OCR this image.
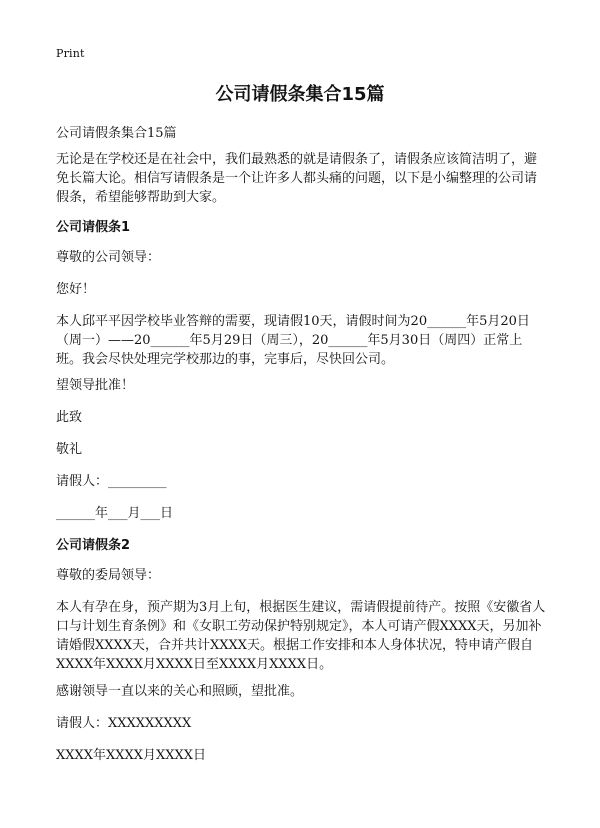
Print
公司请假条集合15篇
公司请假条集合15篇
无论是在学校还是在社会中，我们最熟悉的就是请假条了，请假条应该简洁明了，避免长篇大论。相信写请假条是一个让许多人都头痛的问题，以下是小编整理的公司请假条，希望能够帮助到大家。
公司请假条1
尊敬的公司领导：
您好！
本人邱平平因学校毕业答辩的需要，现请假10天，请假时间为20______年5月20日（周一）——20______年5月29日（周三），20______年5月30日（周四）正常上班。我会尽快处理完学校那边的事，完事后，尽快回公司。
望领导批准！
此致
敬礼
请假人：_________
______年___月___日
公司请假条2
尊敬的委局领导：
本人有孕在身，预产期为3月上旬，根据医生建议，需请假提前待产。按照《安徽省人口与计划生育条例》和《女职工劳动保护特别规定》，本人可请产假XXXX天，另加补请婚假XXXX天，合并共计XXXX天。根据工作安排和本人身体状况，特申请产假自XXXX年XXXX月XXXX日至XXXX月XXXX日。
感谢领导一直以来的关心和照顾，望批准。
请假人：XXXXXXXXX
XXXX年XXXX月XXXX日
